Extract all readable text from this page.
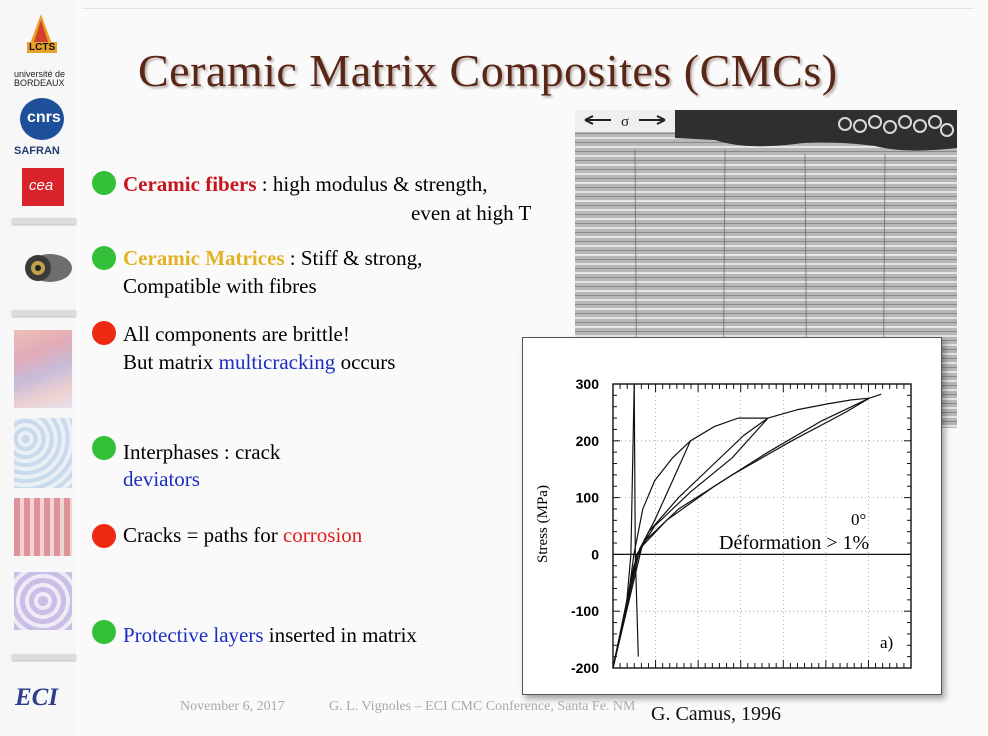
LCTS
université de BORDEAUX
cnrs
SAFRAN
cea
ECI
Ceramic Matrix Composites (CMCs)
Ceramic fibers : high modulus & strength,
even at high T
Ceramic Matrices : Stiff & strong,
Compatible with fibres
All components are brittle!
But matrix multicracking occurs
Interphases : crack
deviators
Cracks = paths for corrosion
Protective layers inserted in matrix
σ
300
200
100
0
-100
-200
Stress (MPa)	0°
Déformation > 1%
a)
November 6, 2017	G. L. Vignoles – ECI CMC Conference, Santa Fe. NM G. Camus, 1996
